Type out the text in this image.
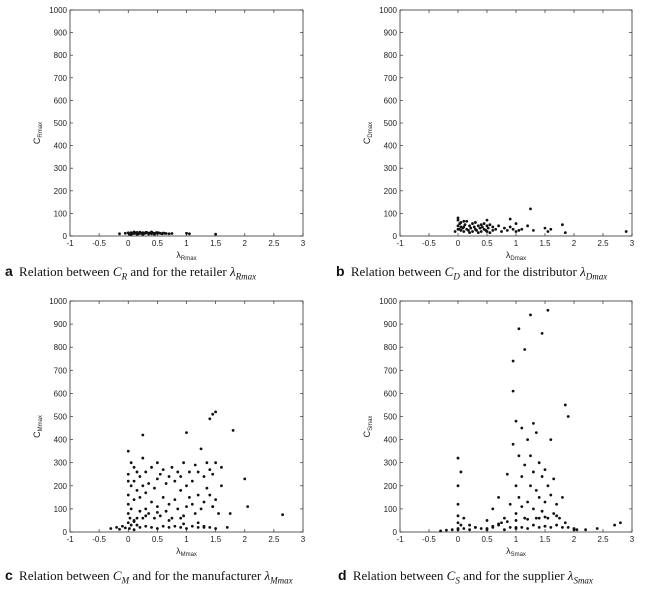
-1 -0.5	0	0.5	1	1.5	2	2.5	3
0
100
200
300
400
500
600
700
800
900
1000
$\lambda_{Rmax}$
$C_{Rmax}$
-1 -0.5 0	0.5	1	1.5	2	2.5	3
0
100
200
300
400
500
600
700
800
900
1000
$\lambda_{Dmax}$
$C_{Dmax}$
-1 -0.5	0	0.5	1	1.5	2	2.5	3
0
100
200
300
400
500
600
700
800
900
1000
$\lambda_{Mmax}$
$C_{Mmax}$
-1 -0.5 0	0.5	1	1.5	2	2.5	3
0
100
200
300
400
500
600
700
800
900
1000
$\lambda_{Smax}$
$C_{Smax}$
a Relation between $C_R$ and for the retailer $\lambda_{Rmax}$	b Relation between $C_D$ and for the distributor $\lambda_{Dmax}$
c Relation between $C_M$ and for the manufacturer $\lambda_{Mmax}$	d Relation between $C_S$ and for the supplier $\lambda_{Smax}$
